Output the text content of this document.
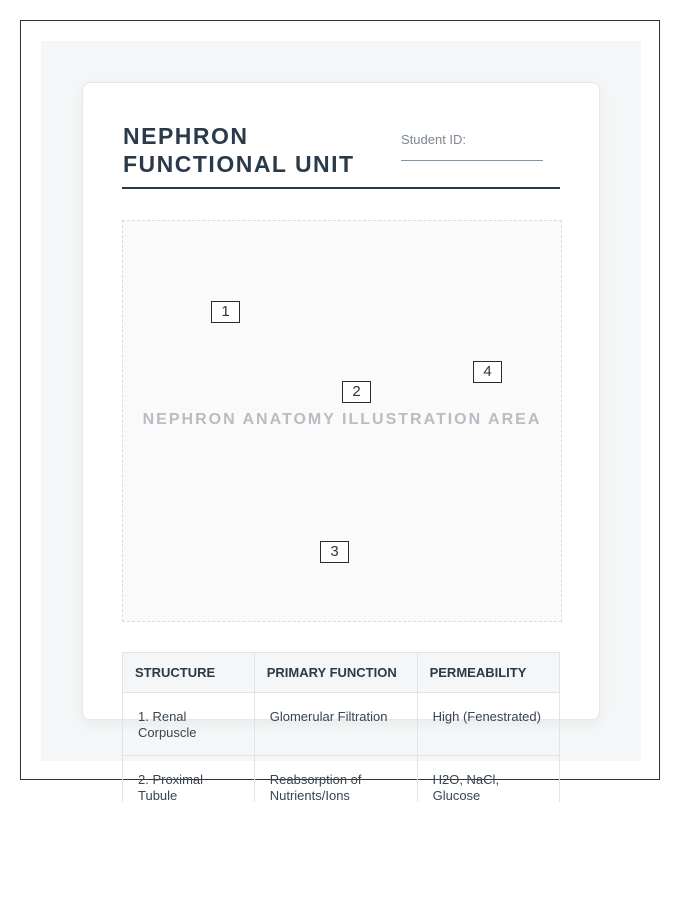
NEPHRON FUNCTIONAL UNIT
Student ID:
NEPHRON ANATOMY ILLUSTRATION AREA
1
2
3
4
STRUCTURE	PRIMARY FUNCTION	PERMEABILITY
1. Renal Corpuscle	Glomerular Filtration	High (Fenestrated)
2. Proximal Tubule	Reabsorption of Nutrients/Ions	H2O, NaCl, Glucose
